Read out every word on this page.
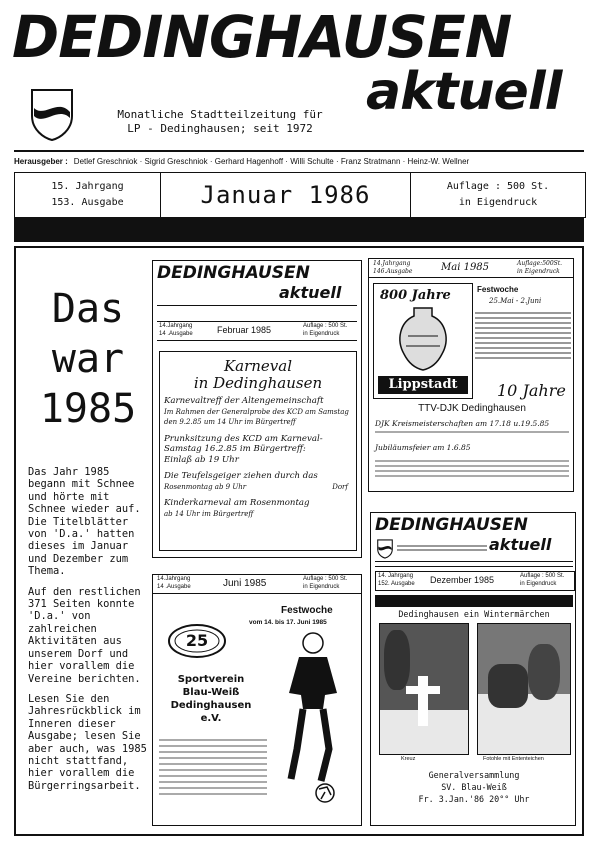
DEDINGHAUSEN
aktuell
Monatliche Stadtteilzeitung für
LP - Dedinghausen; seit 1972
Herausgeber : Detlef Greschniok · Sigrid Greschniok · Gerhard Hagenhoff · Willi Schulte · Franz Stratmann · Heinz-W. Wellner
15. Jahrgang
153. Ausgabe	Januar 1986	Auflage : 500 St.
in Eigendruck
Das
war
1985

Das Jahr 1985 begann mit Schnee und hörte mit Schnee wieder auf. Die Titelblätter von 'D.a.' hatten dieses im Januar und Dezember zum Thema.

Auf den restlichen 371 Seiten konnte 'D.a.' von zahlreichen Aktivitäten aus unserem Dorf und hier vorallem die Vereine berichten.

Lesen Sie den Jahresrückblick im Inneren dieser Ausgabe; lesen Sie aber auch, was 1985 nicht stattfand, hier vorallem die Bürgerringsarbeit.

DEDINGHAUSEN
aktuell
14.Jahrgang
14 .Ausgabe	Februar 1985	Auflage : 500 St.
in Eigendruck
Karneval
in Dedinghausen
Karnevaltreff der Altengemeinschaft
Im Rahmen der Generalprobe des KCD am Samstag
den 9.2.85 um 14 Uhr im Bürgertreff
Prunksitzung des KCD am Karneval-
Samstag 16.2.85 im Bürgertreff:
Einlaß ab 19 Uhr
Die Teufelsgeiger ziehen durch das
Rosenmontag ab 9 Uhr	Dorf
Kinderkarneval am Rosenmontag
ab 14 Uhr im Bürgertreff
14.Jahrgang
146.Ausgabe	Mai 1985	Auflage:500St.
in Eigendruck
800 Jahre
Lippstadt
Festwoche
25.Mai - 2.Juni
10 Jahre
TTV-DJK Dedinghausen
DJK Kreismeisterschaften am 17.18 u.19.5.85
Jubiläumsfeier am 1.6.85
14.Jahrgang
14 .Ausgabe	Juni 1985	Auflage : 500 St.
in Eigendruck
Festwoche
vom 14. bis 17. Juni 1985
25
Sportverein
Blau-Weiß
Dedinghausen e.V.
DEDINGHAUSEN
aktuell
14. Jahrgang
152. Ausgabe Dezember 1985	Auflage : 500 St.
in Eigendruck
Dedinghausen ein Wintermärchen
Kreuz	Fotohle mit Ententeichen
Generalversammlung
SV. Blau-Weiß
Fr. 3.Jan.'86 20°° Uhr
